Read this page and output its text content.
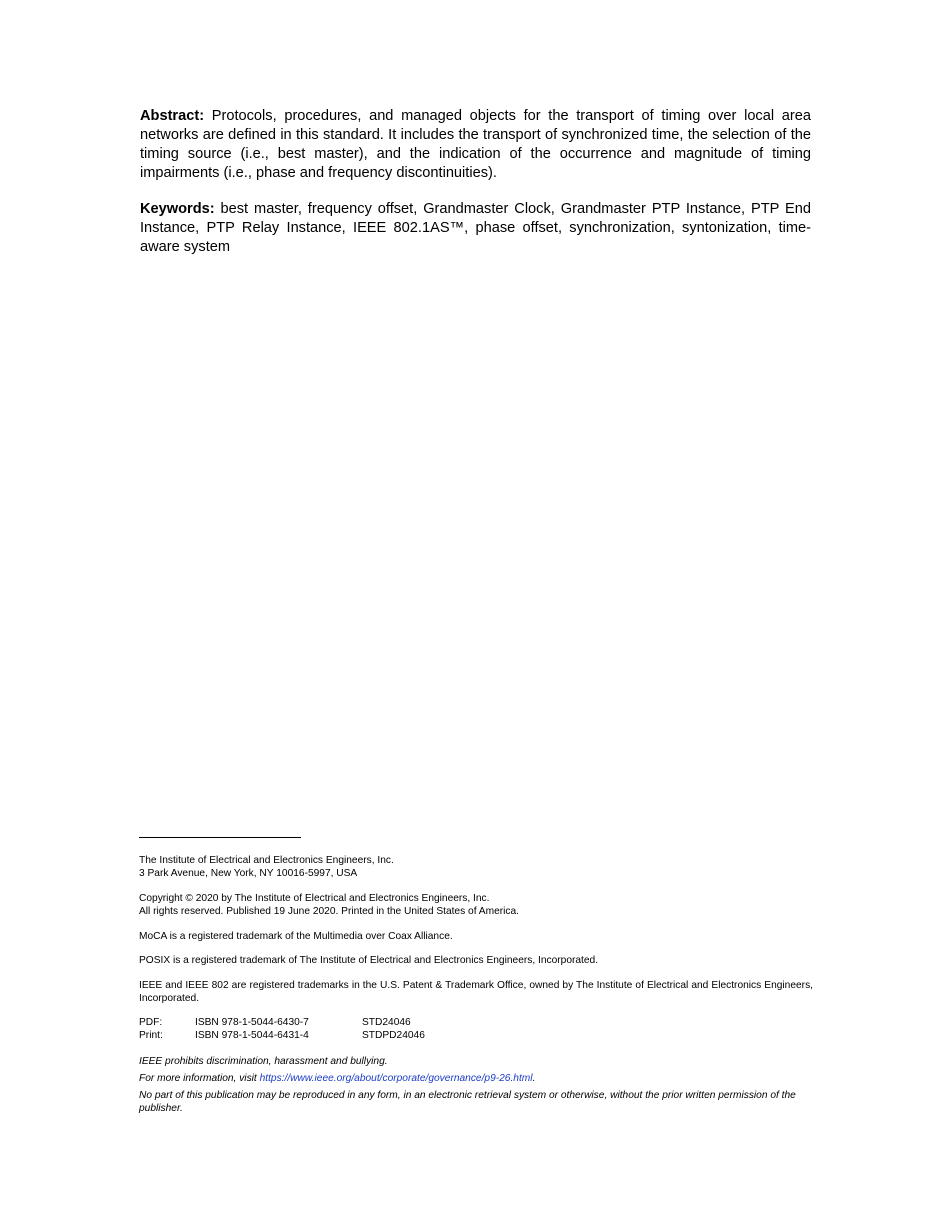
Abstract: Protocols, procedures, and managed objects for the transport of timing over local area networks are defined in this standard. It includes the transport of synchronized time, the selection of the timing source (i.e., best master), and the indication of the occurrence and magnitude of timing impairments (i.e., phase and frequency discontinuities).

Keywords: best master, frequency offset, Grandmaster Clock, Grandmaster PTP Instance, PTP End Instance, PTP Relay Instance, IEEE 802.1AS™, phase offset, synchronization, syntonization, time-aware system

The Institute of Electrical and Electronics Engineers, Inc.
3 Park Avenue, New York, NY 10016-5997, USA

Copyright © 2020 by The Institute of Electrical and Electronics Engineers, Inc.
All rights reserved. Published 19 June 2020. Printed in the United States of America.

MoCA is a registered trademark of the Multimedia over Coax Alliance.

POSIX is a registered trademark of The Institute of Electrical and Electronics Engineers, Incorporated.

IEEE and IEEE 802 are registered trademarks in the U.S. Patent & Trademark Office, owned by The Institute of Electrical and Electronics Engineers, Incorporated.

PDF:	ISBN 978-1-5044-6430-7	STD24046
Print:	ISBN 978-1-5044-6431-4	STDPD24046

IEEE prohibits discrimination, harassment and bullying.

For more information, visit https://www.ieee.org/about/corporate/governance/p9-26.html.

No part of this publication may be reproduced in any form, in an electronic retrieval system or otherwise, without the prior written permission of the publisher.
